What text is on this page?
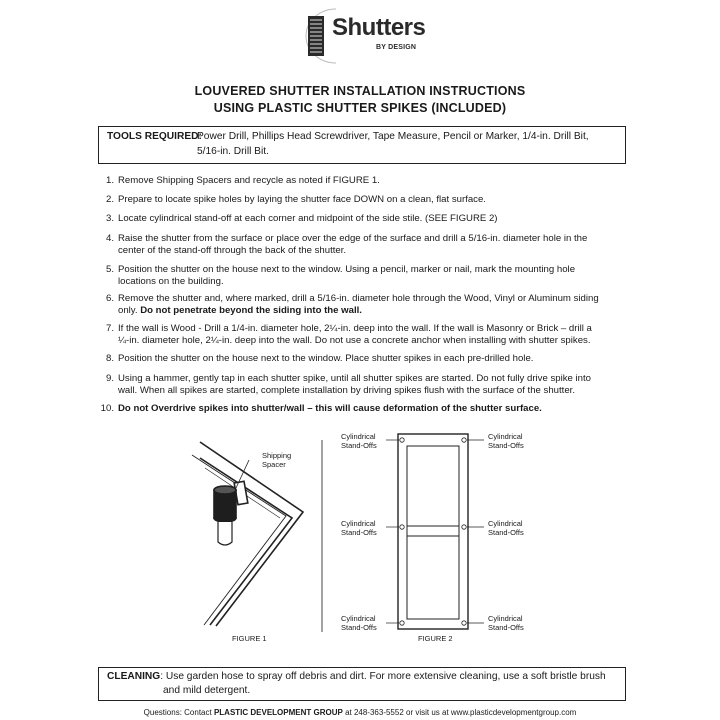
Shutters
BY DESIGN
LOUVERED SHUTTER INSTALLATION INSTRUCTIONS
USING PLASTIC SHUTTER SPIKES (INCLUDED)
TOOLS REQUIRED:
Power Drill, Phillips Head Screwdriver, Tape Measure, Pencil or Marker, 1/4-in. Drill Bit,
5/16-in. Drill Bit.
1. Remove Shipping Spacers and recycle as noted if FIGURE 1.
2. Prepare to locate spike holes by laying the shutter face DOWN on a clean, flat surface.
3. Locate cylindrical stand-off at each corner and midpoint of the side stile. (SEE FIGURE 2)
4. Raise the shutter from the surface or place over the edge of the surface and drill a 5/16-in. diameter hole in the
center of the stand-off through the back of the shutter.
5. Position the shutter on the house next to the window. Using a pencil, marker or nail, mark the mounting hole
locations on the building.
6. Remove the shutter and, where marked, drill a 5/16-in. diameter hole through the Wood, Vinyl or Aluminum siding
only. Do not penetrate beyond the siding into the wall.
7. If the wall is Wood - Drill a 1/4-in. diameter hole, 2¼-in. deep into the wall. If the wall is Masonry or Brick – drill a
¼-in. diameter hole, 2¼-in. deep into the wall. Do not use a concrete anchor when installing with shutter spikes.
8. Position the shutter on the house next to the window. Place shutter spikes in each pre-drilled hole.
9. Using a hammer, gently tap in each shutter spike, until all shutter spikes are started. Do not fully drive spike into
wall. When all spikes are started, complete installation by driving spikes flush with the surface of the shutter.
10. Do not Overdrive spikes into shutter/wall – this will cause deformation of the shutter surface.
Shipping
Spacer
FIGURE 1
Cylindrical
Stand-Offs
Cylindrical
Stand-Offs
Cylindrical
Stand-Offs
Cylindrical
Stand-Offs
Cylindrical
Stand-Offs
Cylindrical
Stand-Offs
FIGURE 2
CLEANING: Use garden hose to spray off debris and dirt. For more extensive cleaning, use a soft bristle brush
and mild detergent.
Questions: Contact PLASTIC DEVELOPMENT GROUP at 248-363-5552 or visit us at www.plasticdevelopmentgroup.com
